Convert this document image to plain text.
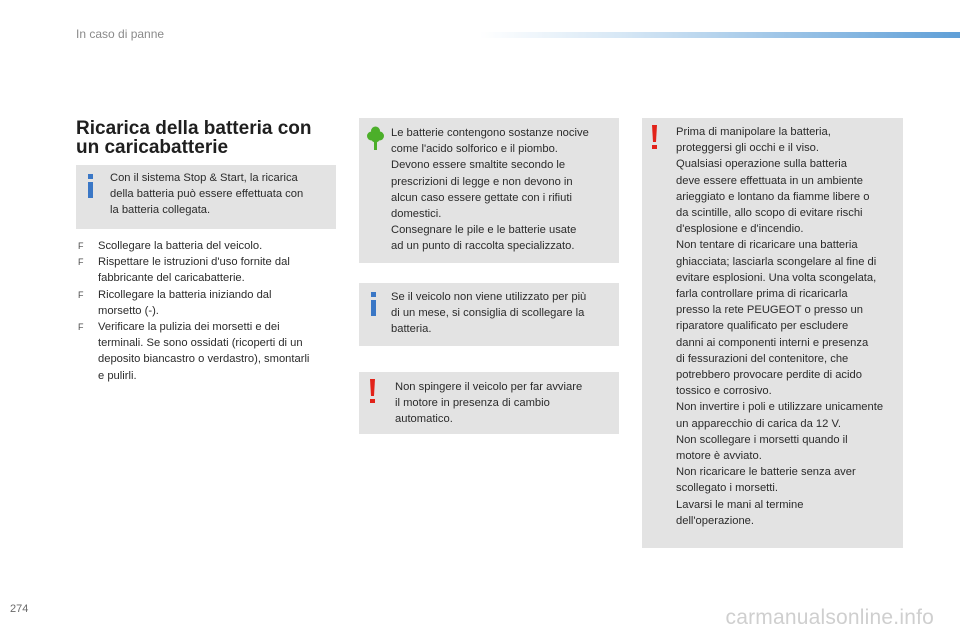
In caso di panne
Ricarica della batteria con
un caricabatterie
Con il sistema Stop & Start, la ricarica
della batteria può essere effettuata con
la batteria collegata.
F Scollegare la batteria del veicolo.
F Rispettare le istruzioni d'uso fornite dal
fabbricante del caricabatterie.
F Ricollegare la batteria iniziando dal
morsetto (-).
F Verificare la pulizia dei morsetti e dei
terminali. Se sono ossidati (ricoperti di un
deposito biancastro o verdastro), smontarli
e pulirli.
Le batterie contengono sostanze nocive
come l'acido solforico e il piombo.
Devono essere smaltite secondo le
prescrizioni di legge e non devono in
alcun caso essere gettate con i rifiuti
domestici.
Consegnare le pile e le batterie usate
ad un punto di raccolta specializzato.
Se il veicolo non viene utilizzato per più
di un mese, si consiglia di scollegare la
batteria.
Non spingere il veicolo per far avviare
il motore in presenza di cambio
automatico.
Prima di manipolare la batteria,
proteggersi gli occhi e il viso.
Qualsiasi operazione sulla batteria
deve essere effettuata in un ambiente
arieggiato e lontano da fiamme libere o
da scintille, allo scopo di evitare rischi
d'esplosione e d'incendio.
Non tentare di ricaricare una batteria
ghiacciata; lasciarla scongelare al fine di
evitare esplosioni. Una volta scongelata,
farla controllare prima di ricaricarla
presso la rete PEUGEOT o presso un
riparatore qualificato per escludere
danni ai componenti interni e presenza
di fessurazioni del contenitore, che
potrebbero provocare perdite di acido
tossico e corrosivo.
Non invertire i poli e utilizzare unicamente
un apparecchio di carica da 12 V.
Non scollegare i morsetti quando il
motore è avviato.
Non ricaricare le batterie senza aver
scollegato i morsetti.
Lavarsi le mani al termine
dell'operazione.
274	carmanualsonline.info
